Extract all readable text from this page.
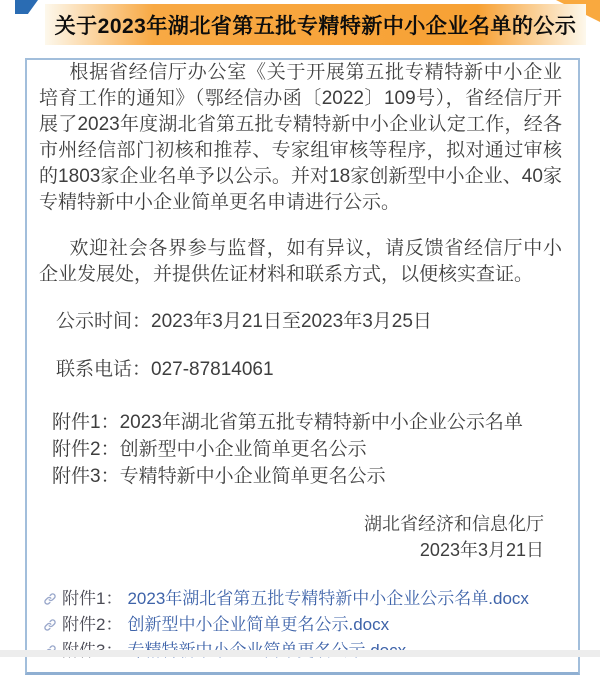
关于2023年湖北省第五批专精特新中小企业名单的公示

根据省经信厅办公室《关于开展第五批专精特新中小企业培育工作的通知》（鄂经信办函〔2022〕109号），省经信厅开展了2023年度湖北省第五批专精特新中小企业认定工作，经各市州经信部门初核和推荐、专家组审核等程序，拟对通过审核的1803家企业名单予以公示。并对18家创新型中小企业、40家专精特新中小企业简单更名申请进行公示。

欢迎社会各界参与监督，如有异议，请反馈省经信厅中小企业发展处，并提供佐证材料和联系方式，以便核实查证。

公示时间：2023年3月21日至2023年3月25日

联系电话：027-87814061

附件1：2023年湖北省第五批专精特新中小企业公示名单

附件2：创新型中小企业简单更名公示

附件3：专精特新中小企业简单更名公示

湖北省经济和信息化厅

2023年3月21日

附件1： 2023年湖北省第五批专精特新中小企业公示名单.docx
附件2： 创新型中小企业简单更名公示.docx
